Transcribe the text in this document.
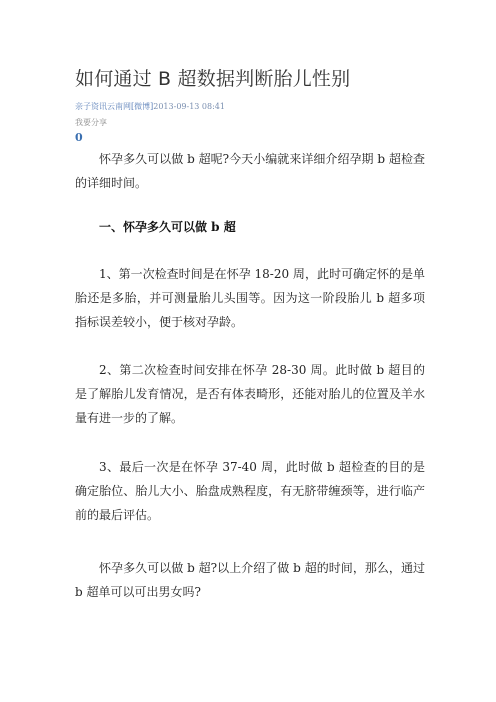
如何通过 B 超数据判断胎儿性别
亲子资讯云南网[微博]2013-09-13 08:41
我要分享
0
怀孕多久可以做 b 超呢?今天小编就来详细介绍孕期 b 超检查的详细时间。
一、怀孕多久可以做 b 超
1、第一次检查时间是在怀孕 18-20 周，此时可确定怀的是单胎还是多胎，并可测量胎儿头围等。因为这一阶段胎儿 b 超多项指标误差较小，便于核对孕龄。
2、第二次检查时间安排在怀孕 28-30 周。此时做 b 超目的是了解胎儿发育情况，是否有体表畸形，还能对胎儿的位置及羊水量有进一步的了解。
3、最后一次是在怀孕 37-40 周，此时做 b 超检查的目的是确定胎位、胎儿大小、胎盘成熟程度，有无脐带缠颈等，进行临产前的最后评估。
怀孕多久可以做 b 超?以上介绍了做 b 超的时间，那么，通过 b 超单可以可出男女吗?
